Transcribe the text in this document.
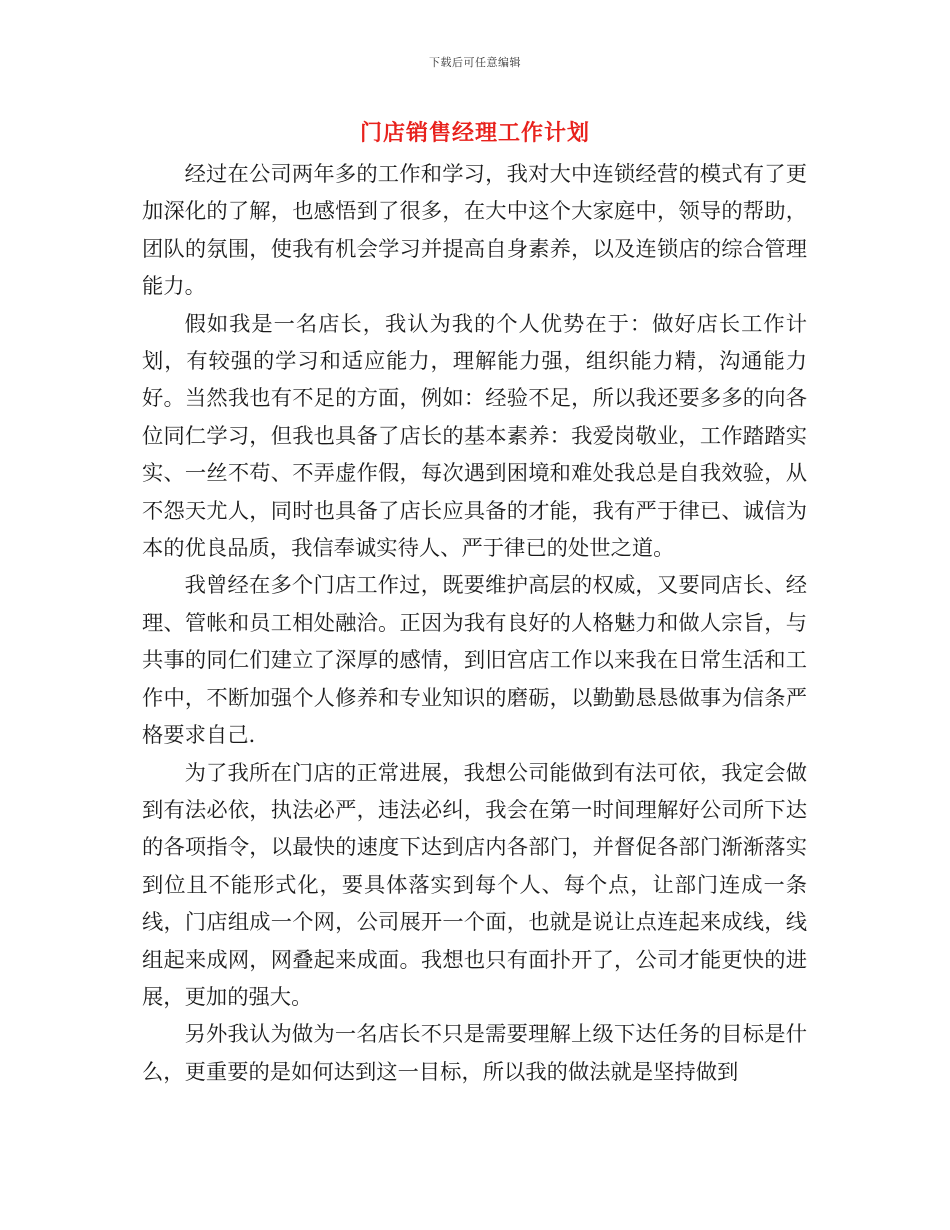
下载后可任意编辑
门店销售经理工作计划

经过在公司两年多的工作和学习，我对大中连锁经营的模式有了更加深化的了解，也感悟到了很多，在大中这个大家庭中，领导的帮助，团队的氛围，使我有机会学习并提高自身素养，以及连锁店的综合管理能力。

假如我是一名店长，我认为我的个人优势在于：做好店长工作计划，有较强的学习和适应能力，理解能力强，组织能力精，沟通能力好。当然我也有不足的方面，例如：经验不足，所以我还要多多的向各位同仁学习，但我也具备了店长的基本素养：我爱岗敬业，工作踏踏实实、一丝不苟、不弄虚作假，每次遇到困境和难处我总是自我效验，从不怨天尤人，同时也具备了店长应具备的才能，我有严于律已、诚信为本的优良品质，我信奉诚实待人、严于律已的处世之道。

我曾经在多个门店工作过，既要维护高层的权威，又要同店长、经理、管帐和员工相处融洽。正因为我有良好的人格魅力和做人宗旨，与共事的同仁们建立了深厚的感情，到旧宫店工作以来我在日常生活和工作中，不断加强个人修养和专业知识的磨砺，以勤勤恳恳做事为信条严格要求自己.

为了我所在门店的正常进展，我想公司能做到有法可依，我定会做到有法必依，执法必严，违法必纠，我会在第一时间理解好公司所下达的各项指令，以最快的速度下达到店内各部门，并督促各部门渐渐落实到位且不能形式化，要具体落实到每个人、每个点，让部门连成一条线，门店组成一个网，公司展开一个面，也就是说让点连起来成线，线组起来成网，网叠起来成面。我想也只有面扑开了，公司才能更快的进展，更加的强大。

另外我认为做为一名店长不只是需要理解上级下达任务的目标是什么，更重要的是如何达到这一目标，所以我的做法就是坚持做到
